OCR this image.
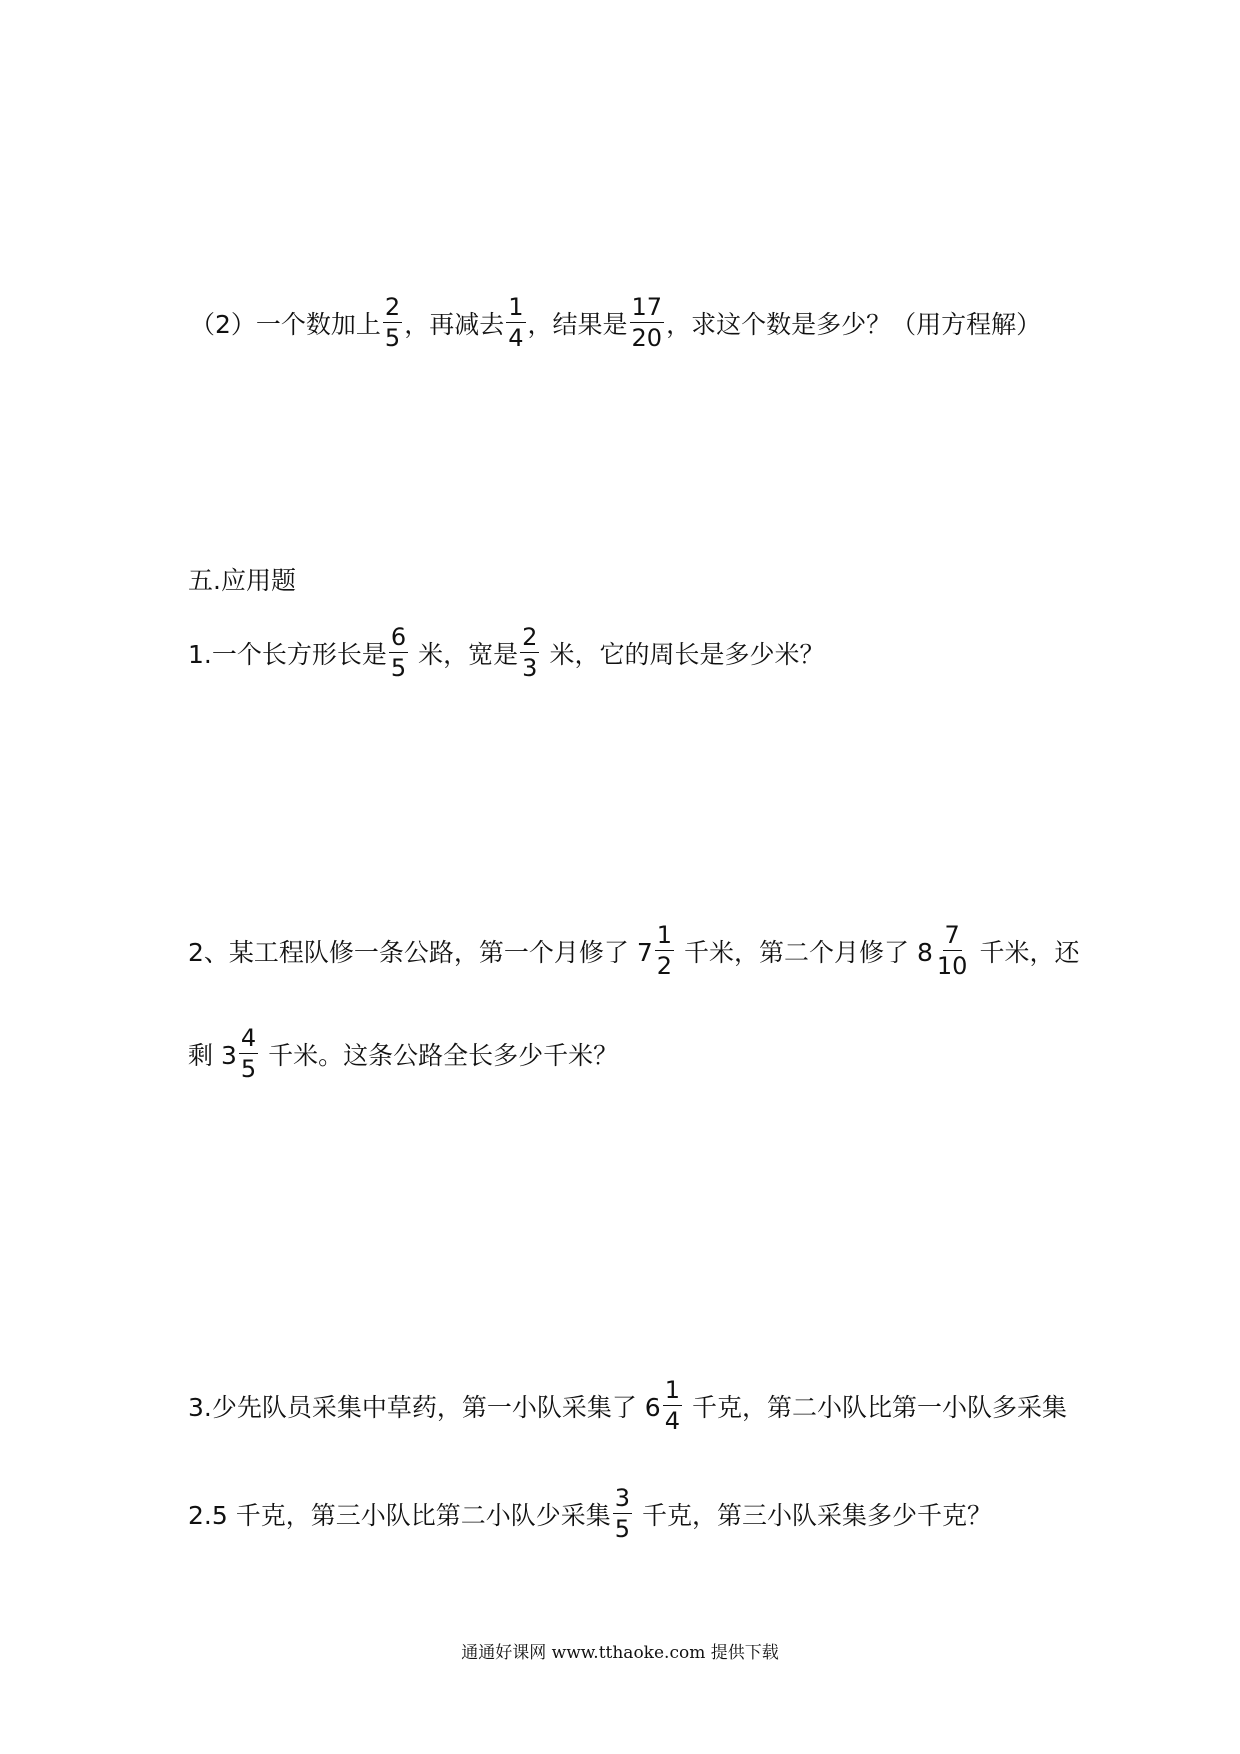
（2） 一个数加上 $\frac{2}{5}$ ，再减去 $\frac{1}{4}$ ，结果是 $\frac{17}{20}$ ，求这个数是多少？（用方程解）
五.应用题
1.一个长方形长是 $\frac{6}{5}$ 米，宽是 $\frac{2}{3}$ 米，它的周长是多少米？
2、某工程队修一条公路，第一个月修了 $7 \frac{1}{2}$ 千米，第二个月修了 $8 \frac{7}{10}$ 千米，还
剩 $3 \frac{4}{5}$ 千米。这条公路全长多少千米？
3.少先队员采集中草药，第一小队采集了 $6 \frac{1}{4}$ 千克，第二小队比第一小队多采集
2.5 千克，第三小队比第二小队少采集 $\frac{3}{5}$ 千克，第三小队采集多少千克？
通通好课网 www.tthaoke.com 提供下载
